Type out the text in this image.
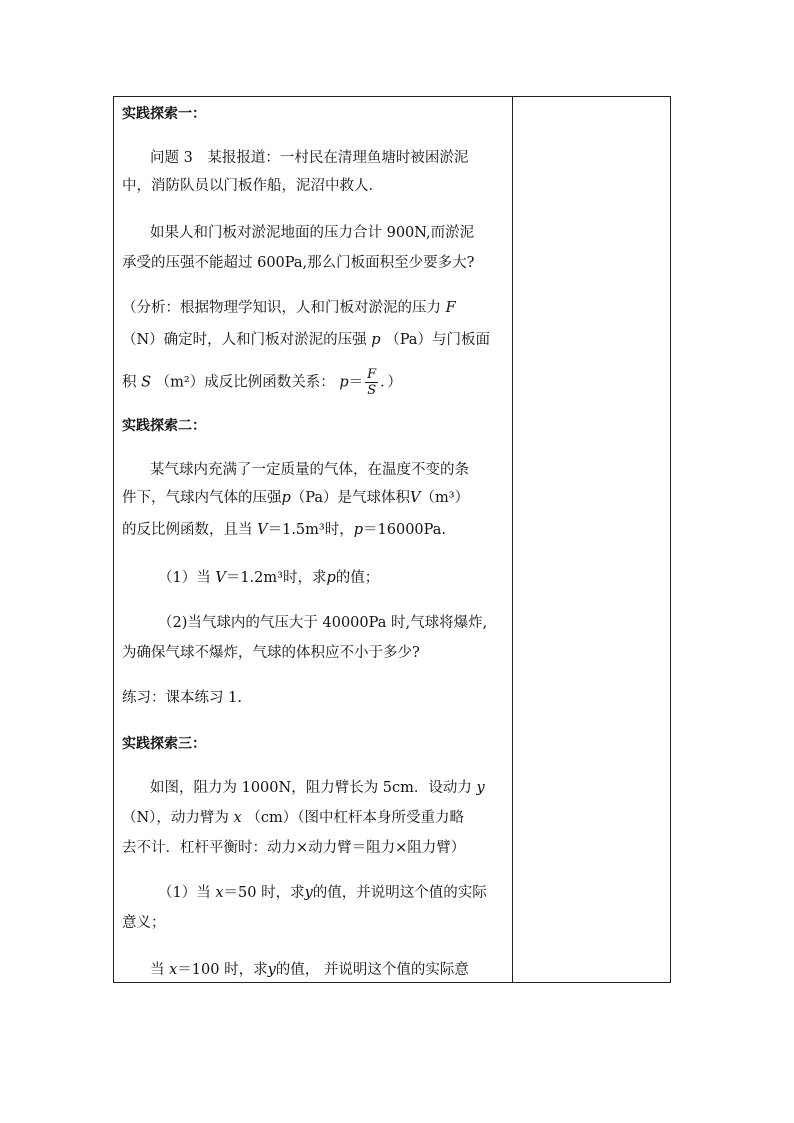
实践探索一：
问题 3　某报报道：一村民在清理鱼塘时被困淤泥
中，消防队员以门板作船，泥沼中救人．
如果人和门板对淤泥地面的压力合计 900N,而淤泥
承受的压强不能超过 600Pa,那么门板面积至少要多大?
（分析：根据物理学知识，人和门板对淤泥的压力 F
（N）确定时，人和门板对淤泥的压强 p （Pa）与门板面
积 S （m²）成反比例函数关系： $p= \frac{F}{S}$ ．）
实践探索二：
某气球内充满了一定质量的气体，在温度不变的条
件下，气球内气体的压强p（Pa）是气球体积V（m³）
的反比例函数，且当 V＝1.5m³时，p＝16000Pa.
（1）当 V＝1.2m³时，求p的值；
（2)当气球内的气压大于 40000Pa 时,气球将爆炸,
为确保气球不爆炸，气球的体积应不小于多少?
练习：课本练习 1.
实践探索三：
如图，阻力为 1000N，阻力臂长为 5cm．设动力 y
（N），动力臂为 x （cm）（图中杠杆本身所受重力略
去不计．杠杆平衡时：动力×动力臂＝阻力×阻力臂）
（1）当 x＝50 时，求y的值，并说明这个值的实际
意义；
当 x＝100 时，求y的值， 并说明这个值的实际意
